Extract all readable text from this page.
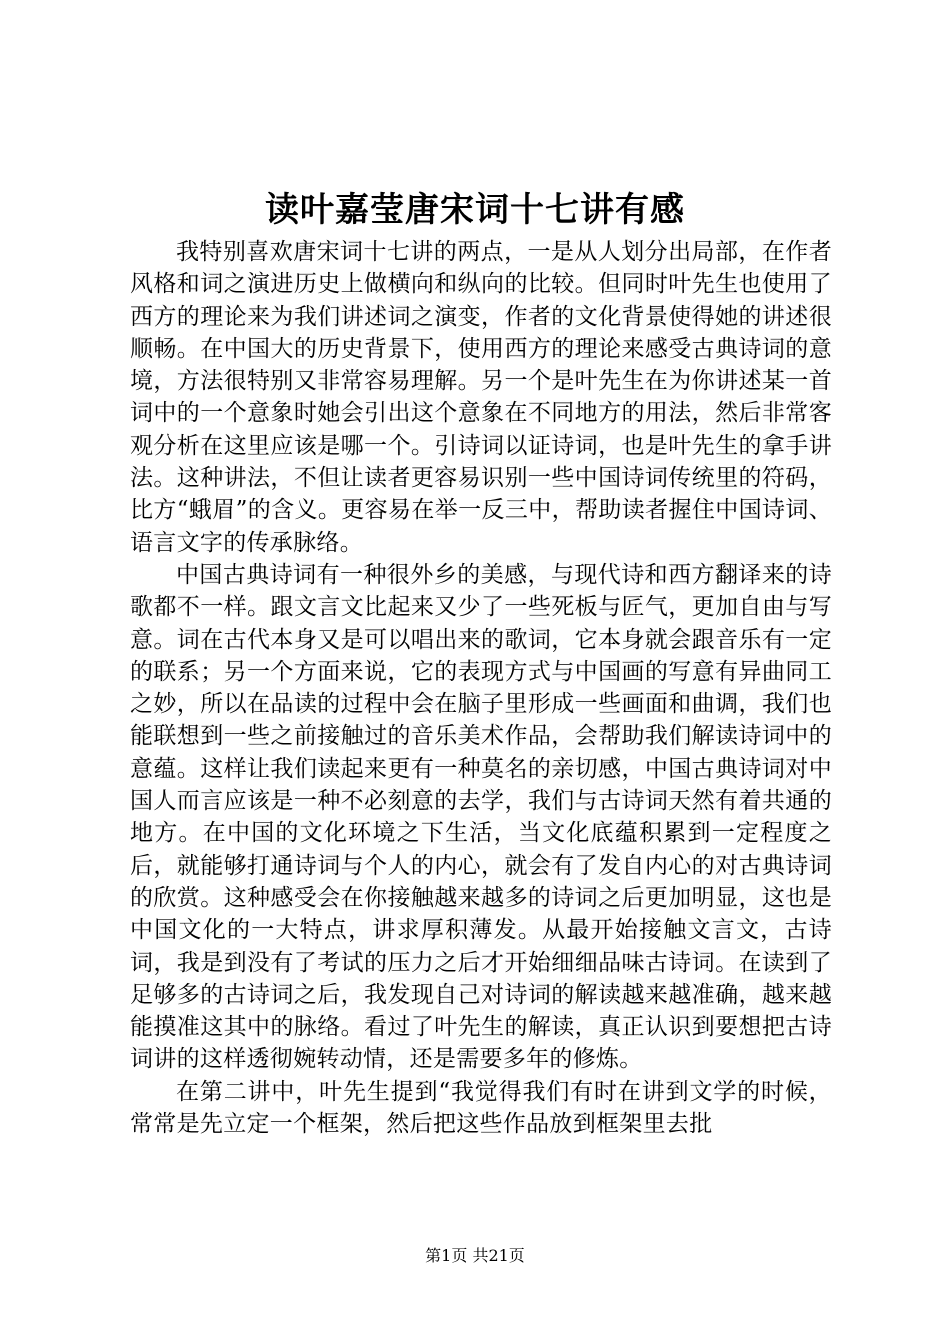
读叶嘉莹唐宋词十七讲有感

我特别喜欢唐宋词十七讲的两点，一是从人划分出局部，在作者风格和词之演进历史上做横向和纵向的比较。但同时叶先生也使用了西方的理论来为我们讲述词之演变，作者的文化背景使得她的讲述很顺畅。在中国大的历史背景下，使用西方的理论来感受古典诗词的意境，方法很特别又非常容易理解。另一个是叶先生在为你讲述某一首词中的一个意象时她会引出这个意象在不同地方的用法，然后非常客观分析在这里应该是哪一个。引诗词以证诗词，也是叶先生的拿手讲法。这种讲法，不但让读者更容易识别一些中国诗词传统里的符码，比方“蛾眉”的含义。更容易在举一反三中，帮助读者握住中国诗词、语言文字的传承脉络。

中国古典诗词有一种很外乡的美感，与现代诗和西方翻译来的诗歌都不一样。跟文言文比起来又少了一些死板与匠气，更加自由与写意。词在古代本身又是可以唱出来的歌词，它本身就会跟音乐有一定的联系；另一个方面来说，它的表现方式与中国画的写意有异曲同工之妙，所以在品读的过程中会在脑子里形成一些画面和曲调，我们也能联想到一些之前接触过的音乐美术作品，会帮助我们解读诗词中的意蕴。这样让我们读起来更有一种莫名的亲切感，中国古典诗词对中国人而言应该是一种不必刻意的去学，我们与古诗词天然有着共通的地方。在中国的文化环境之下生活，当文化底蕴积累到一定程度之后，就能够打通诗词与个人的内心，就会有了发自内心的对古典诗词的欣赏。这种感受会在你接触越来越多的诗词之后更加明显，这也是中国文化的一大特点，讲求厚积薄发。从最开始接触文言文，古诗词，我是到没有了考试的压力之后才开始细细品味古诗词。在读到了足够多的古诗词之后，我发现自己对诗词的解读越来越准确，越来越能摸准这其中的脉络。看过了叶先生的解读，真正认识到要想把古诗词讲的这样透彻婉转动情，还是需要多年的修炼。

在第二讲中，叶先生提到“我觉得我们有时在讲到文学的时候，常常是先立定一个框架，然后把这些作品放到框架里去批

第1页 共21页
